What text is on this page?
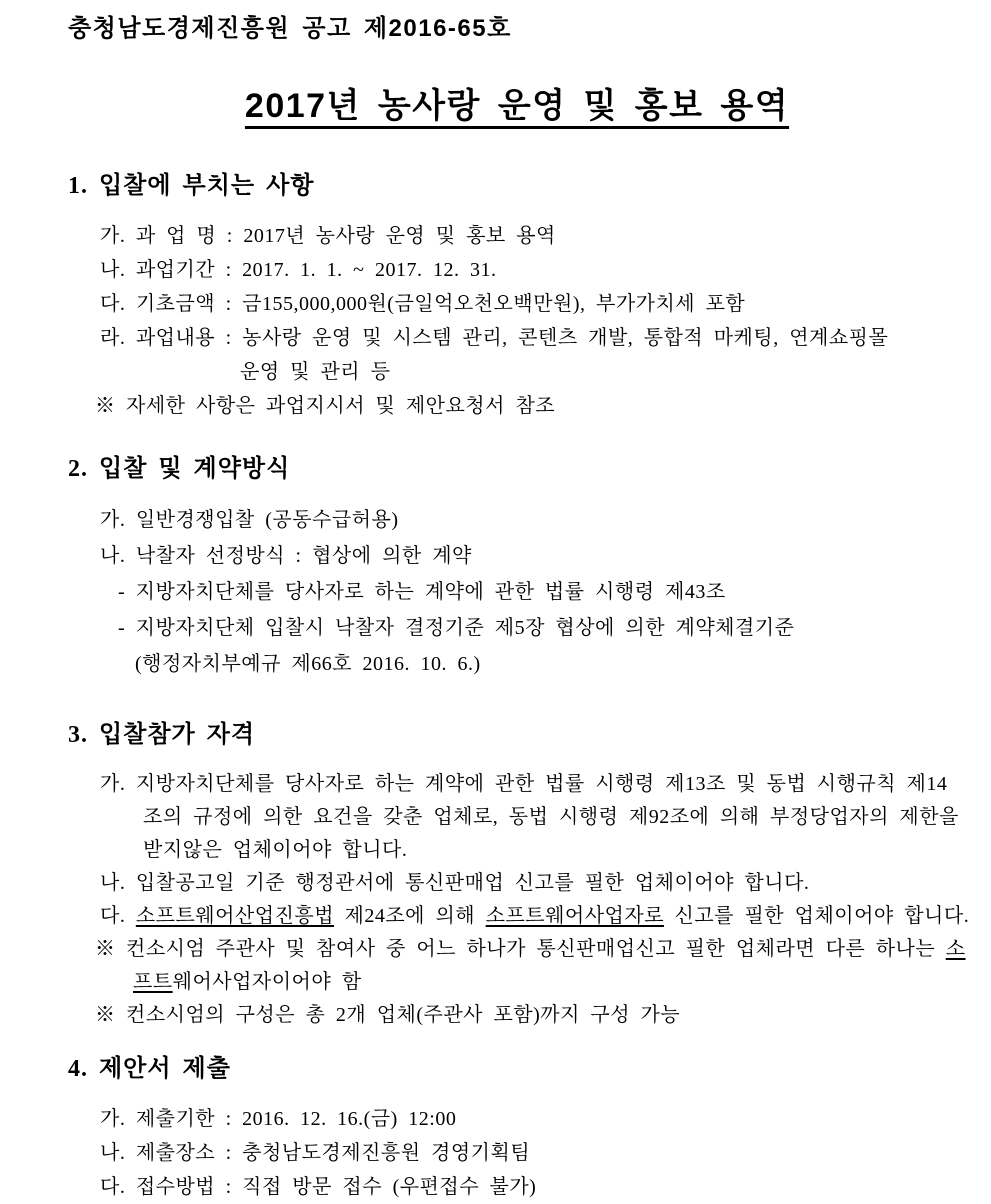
충청남도경제진흥원 공고 제2016-65호
2017년 농사랑 운영 및 홍보 용역
1. 입찰에 부치는 사항
가. 과 업 명 : 2017년 농사랑 운영 및 홍보 용역
나. 과업기간 : 2017. 1. 1. ~ 2017. 12. 31.
다. 기초금액 : 금155,000,000원(금일억오천오백만원), 부가가치세 포함
라. 과업내용 : 농사랑 운영 및 시스템 관리, 콘텐츠 개발, 통합적 마케팅, 연계쇼핑몰
운영 및 관리 등
※ 자세한 사항은 과업지시서 및 제안요청서 참조
2. 입찰 및 계약방식
가. 일반경쟁입찰 (공동수급허용)
나. 낙찰자 선정방식 : 협상에 의한 계약
- 지방자치단체를 당사자로 하는 계약에 관한 법률 시행령 제43조
- 지방자치단체 입찰시 낙찰자 결정기준 제5장 협상에 의한 계약체결기준
(행정자치부예규 제66호 2016. 10. 6.)
3. 입찰참가 자격
가. 지방자치단체를 당사자로 하는 계약에 관한 법률 시행령 제13조 및 동법 시행규칙 제14조의 규정에 의한 요건을 갖춘 업체로, 동법 시행령 제92조에 의해 부정당업자의 제한을 받지않은 업체이어야 합니다.
나. 입찰공고일 기준 행정관서에 통신판매업 신고를 필한 업체이어야 합니다.
다. 소프트웨어산업진흥법 제24조에 의해 소프트웨어사업자로 신고를 필한 업체이어야 합니다.
※ 컨소시엄 주관사 및 참여사 중 어느 하나가 통신판매업신고 필한 업체라면 다른 하나는 소프트웨어사업자이어야 함
※ 컨소시엄의 구성은 총 2개 업체(주관사 포함)까지 구성 가능
4. 제안서 제출
가. 제출기한 : 2016. 12. 16.(금) 12:00
나. 제출장소 : 충청남도경제진흥원 경영기획팀
다. 접수방법 : 직접 방문 접수 (우편접수 불가)
